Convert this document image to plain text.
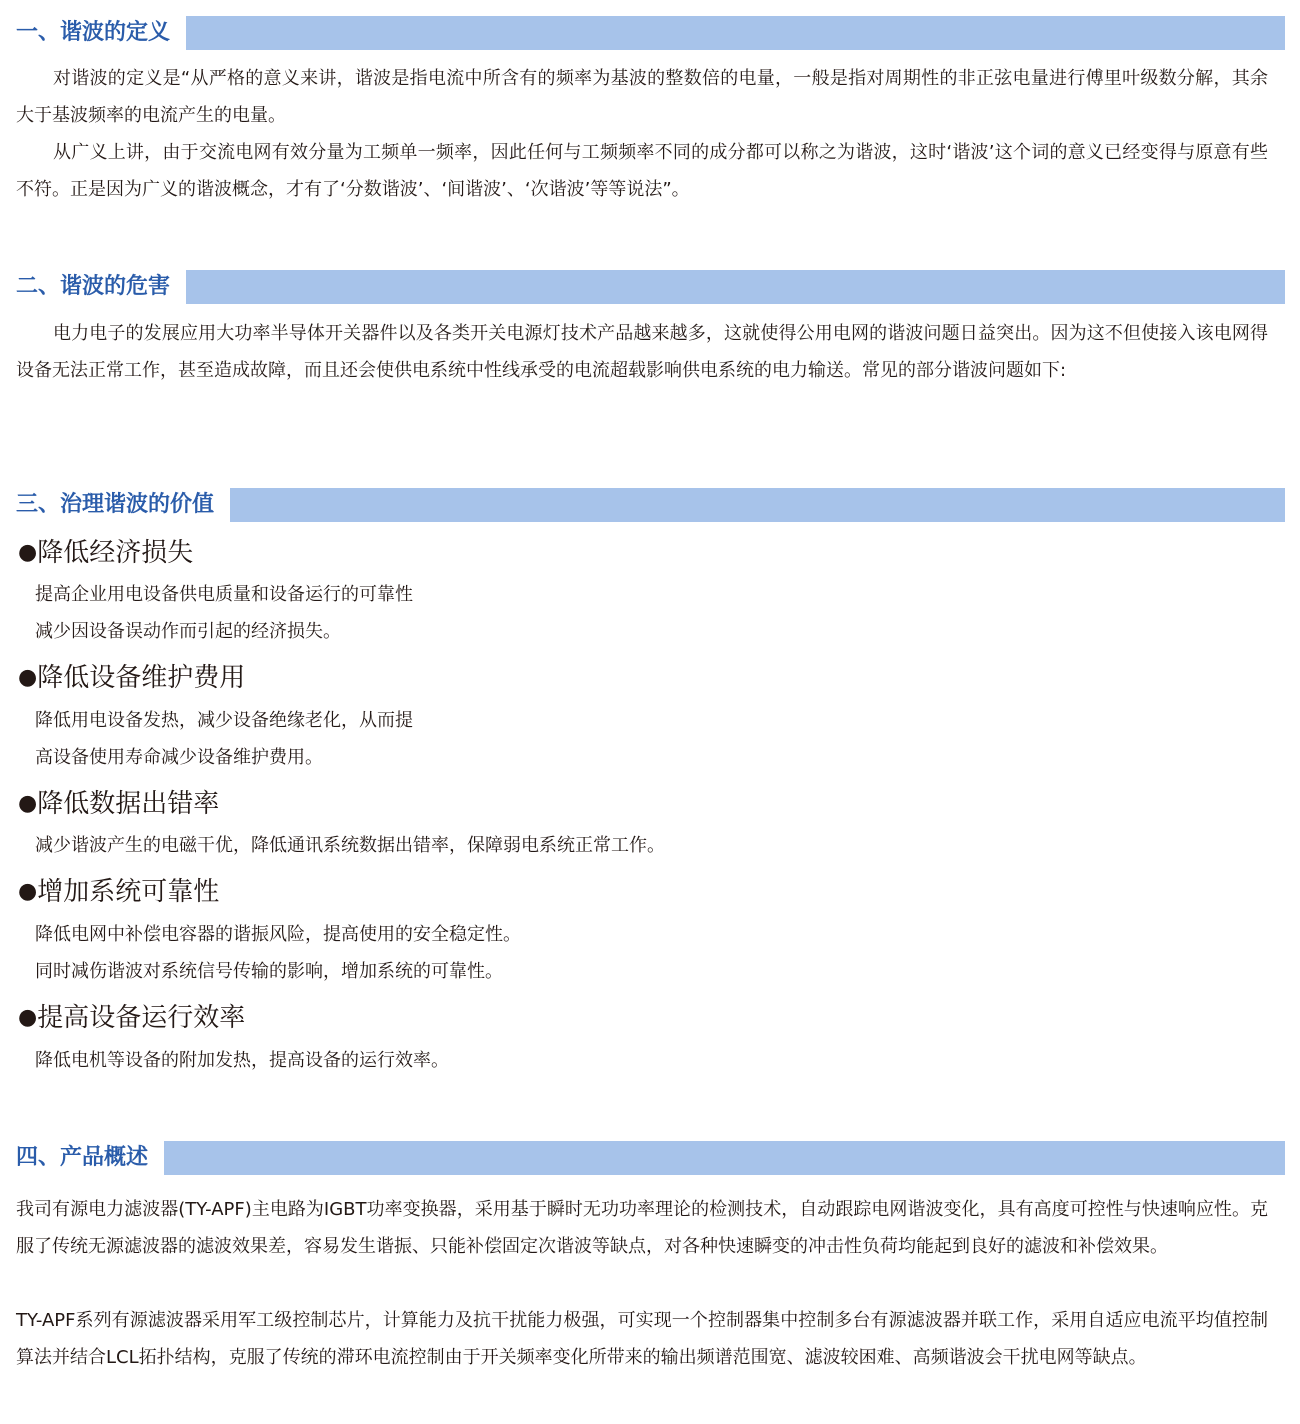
一、谐波的定义

对谐波的定义是“从严格的意义来讲，谐波是指电流中所含有的频率为基波的整数倍的电量，一般是指对周期性的非正弦电量进行傅里叶级数分解，其余大于基波频率的电流产生的电量。

从广义上讲，由于交流电网有效分量为工频单一频率，因此任何与工频频率不同的成分都可以称之为谐波，这时‘谐波’这个词的意义已经变得与原意有些不符。正是因为广义的谐波概念，才有了‘分数谐波’、‘间谐波’、‘次谐波’等等说法”。

二、谐波的危害

电力电子的发展应用大功率半导体开关器件以及各类开关电源灯技术产品越来越多，这就使得公用电网的谐波问题日益突出。因为这不但使接入该电网得设备无法正常工作，甚至造成故障，而且还会使供电系统中性线承受的电流超载影响供电系统的电力输送。常见的部分谐波问题如下:

三、治理谐波的价值
●降低经济损失
提高企业用电设备供电质量和设备运行的可靠性
减少因设备误动作而引起的经济损失。
●降低设备维护费用
降低用电设备发热，减少设备绝缘老化，从而提
高设备使用寿命减少设备维护费用。
●降低数据出错率
减少谐波产生的电磁干优，降低通讯系统数据出错率，保障弱电系统正常工作。
●增加系统可靠性
降低电网中补偿电容器的谐振风险，提高使用的安全稳定性。
同时减伤谐波对系统信号传输的影响，增加系统的可靠性。
●提高设备运行效率
降低电机等设备的附加发热，提高设备的运行效率。
四、产品概述

我司有源电力滤波器(TY-APF)主电路为IGBT功率变换器，采用基于瞬时无功功率理论的检测技术，自动跟踪电网谐波变化，具有高度可控性与快速响应性。克服了传统无源滤波器的滤波效果差，容易发生谐振、只能补偿固定次谐波等缺点，对各种快速瞬变的冲击性负荷均能起到良好的滤波和补偿效果。

TY-APF系列有源滤波器采用军工级控制芯片，计算能力及抗干扰能力极强，可实现一个控制器集中控制多台有源滤波器并联工作，采用自适应电流平均值控制算法并结合LCL拓扑结构，克服了传统的滞环电流控制由于开关频率变化所带来的输出频谱范围宽、滤波较困难、高频谐波会干扰电网等缺点。
